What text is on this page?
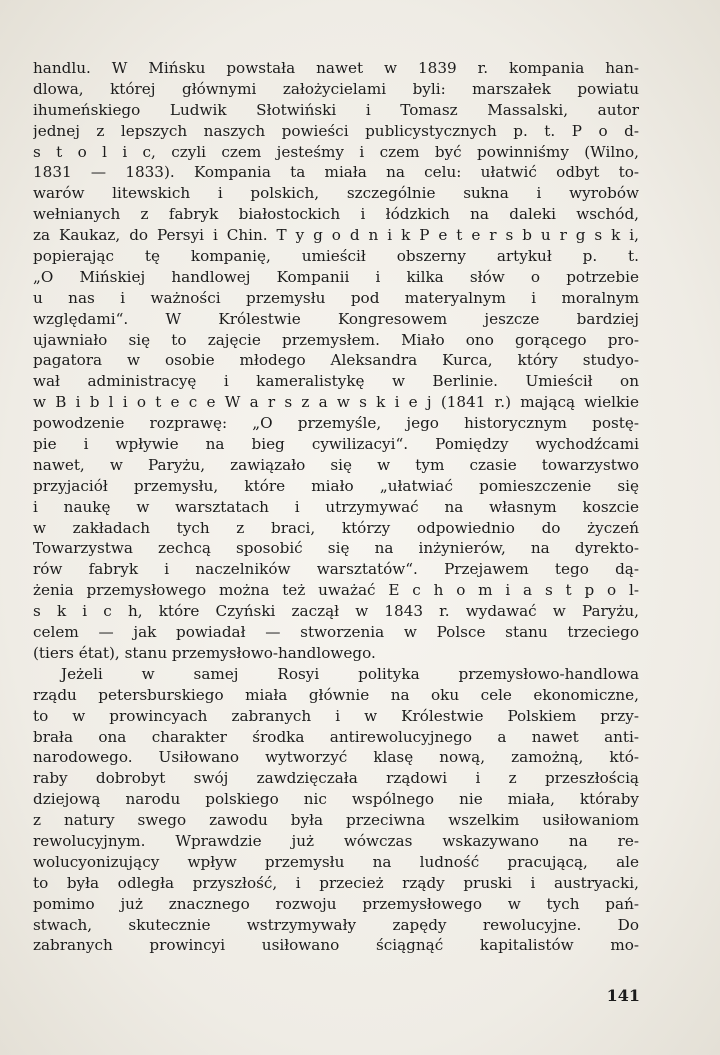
handlu. W Mińsku powstała nawet w 1839 r. kompania han-
dlowa, której głównymi założycielami byli: marszałek powiatu
ihumeńskiego Ludwik Słotwiński i Tomasz Massalski, autor
jednej z lepszych naszych powieści publicystycznych p. t. P o d-
s t o l i c, czyli czem jesteśmy i czem być powinniśmy (Wilno,
1831 — 1833). Kompania ta miała na celu: ułatwić odbyt to-
warów litewskich i polskich, szczególnie sukna i wyrobów
wełnianych z fabryk białostockich i łódzkich na daleki wschód,
za Kaukaz, do Persyi i Chin. T y g o d n i k P e t e r s b u r g s k i,
popierając tę kompanię, umieścił obszerny artykuł p. t.
„O Mińskiej handlowej Kompanii i kilka słów o potrzebie
u nas i ważności przemysłu pod materyalnym i moralnym
względami“. W Królestwie Kongresowem jeszcze bardziej
ujawniało się to zajęcie przemysłem. Miało ono gorącego pro-
pagatora w osobie młodego Aleksandra Kurca, który studyo-
wał administracyę i kameralistykę w Berlinie. Umieścił on
w B i b l i o t e c e W a r s z a w s k i e j (1841 r.) mającą wielkie
powodzenie rozprawę: „O przemyśle, jego historycznym postę-
pie i wpływie na bieg cywilizacyi“. Pomiędzy wychodźcami
nawet, w Paryżu, zawiązało się w tym czasie towarzystwo
przyjaciół przemysłu, które miało „ułatwiać pomieszczenie się
i naukę w warsztatach i utrzymywać na własnym koszcie
w zakładach tych z braci, którzy odpowiednio do życzeń
Towarzystwa zechcą sposobić się na inżynierów, na dyrekto-
rów fabryk i naczelników warsztatów“. Przejawem tego dą-
żenia przemysłowego można też uważać E c h o m i a s t p o l-
s k i c h, które Czyński zaczął w 1843 r. wydawać w Paryżu,
celem — jak powiadał — stworzenia w Polsce stanu trzeciego
(tiers état), stanu przemysłowo-handlowego.
Jeżeli w samej Rosyi polityka przemysłowo-handlowa
rządu petersburskiego miała głównie na oku cele ekonomiczne,
to w prowincyach zabranych i w Królestwie Polskiem przy-
brała ona charakter środka antirewolucyjnego a nawet anti-
narodowego. Usiłowano wytworzyć klasę nową, zamożną, któ-
raby dobrobyt swój zawdzięczała rządowi i z przeszłością
dziejową narodu polskiego nic wspólnego nie miała, któraby
z natury swego zawodu była przeciwna wszelkim usiłowaniom
rewolucyjnym. Wprawdzie już wówczas wskazywano na re-
wolucyonizujący wpływ przemysłu na ludność pracującą, ale
to była odległa przyszłość, i przecież rządy pruski i austryacki,
pomimo już znacznego rozwoju przemysłowego w tych pań-
stwach, skutecznie wstrzymywały zapędy rewolucyjne. Do
zabranych prowincyi usiłowano ściągnąć kapitalistów mo-
141
